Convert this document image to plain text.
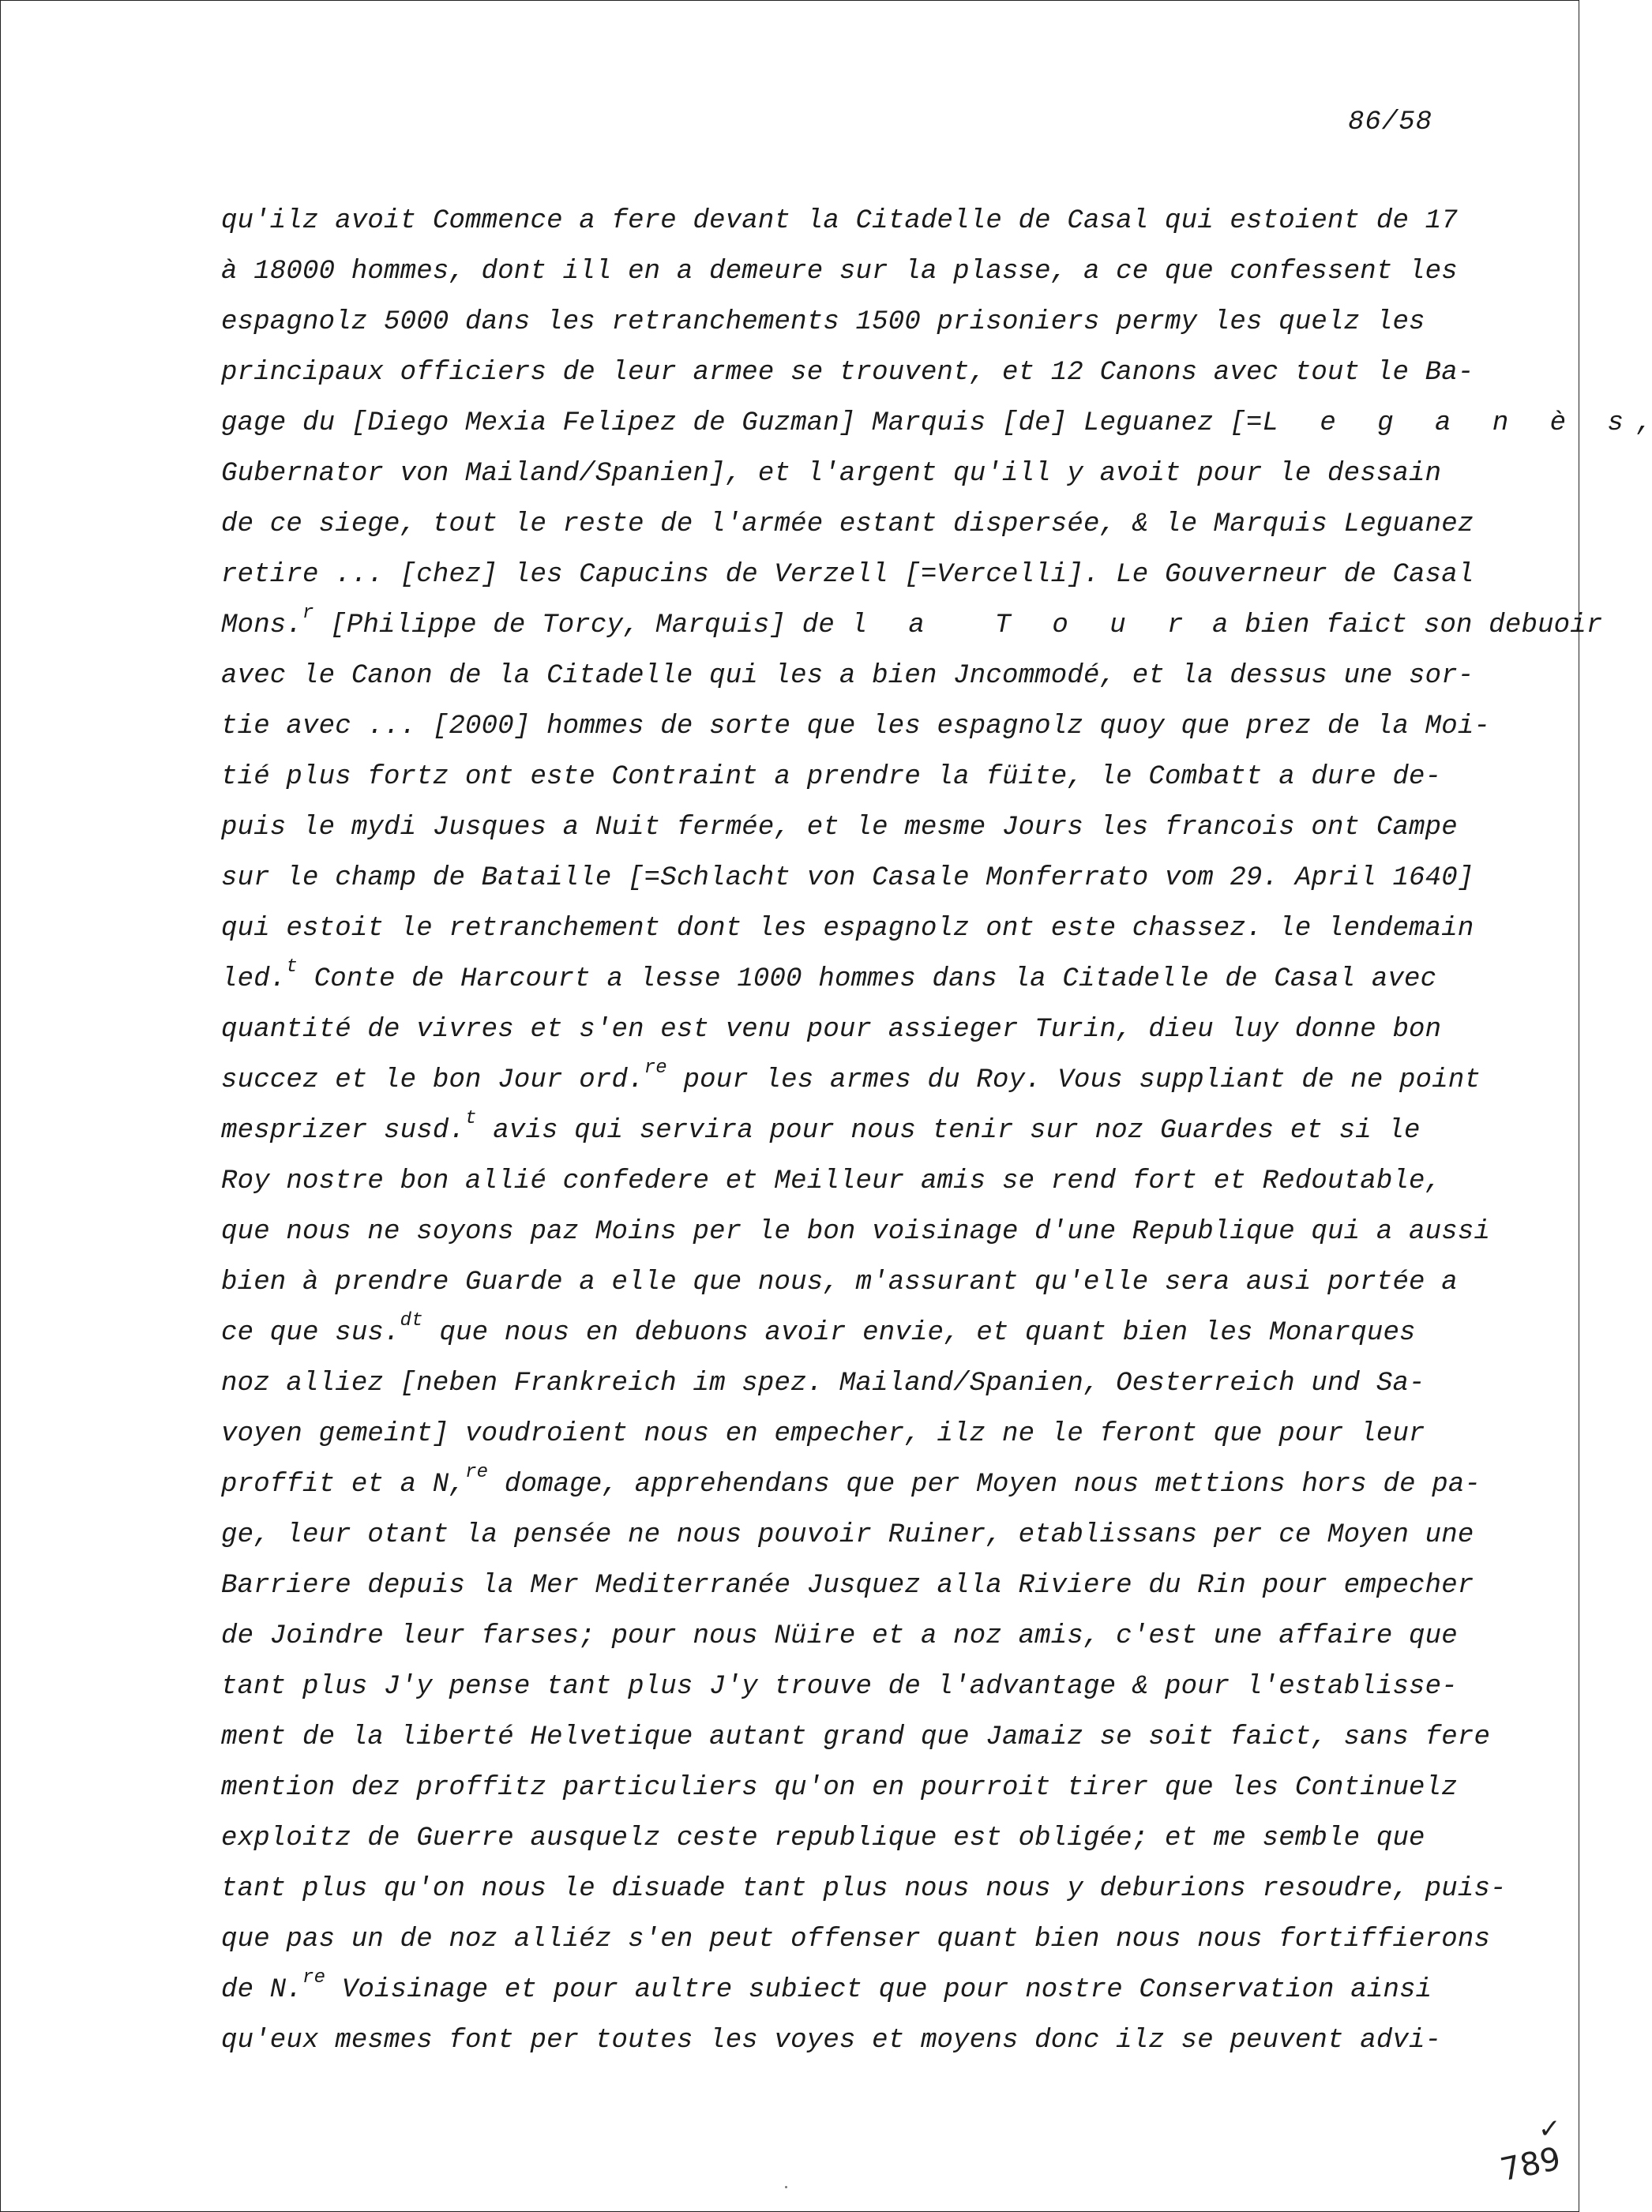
86/58
qu'ilz avoit Commence a fere devant la Citadelle de Casal qui estoient de 17
à 18000 hommes, dont ill en a demeure sur la plasse, a ce que confessent les
espagnolz 5000 dans les retranchements 1500 prisoniers permy les quelz les
principaux officiers de leur armee se trouvent, et 12 Canons avec tout le Ba-
gage du [Diego Mexia Felipez de Guzman] Marquis [de] Leguanez [=L e g a n è s,
Gubernator von Mailand/Spanien], et l'argent qu'ill y avoit pour le dessain
de ce siege, tout le reste de l'armée estant dispersée, & le Marquis Leguanez
retire ... [chez] les Capucins de Verzell [=Vercelli]. Le Gouverneur de Casal
Mons.$^r$ [Philippe de Torcy, Marquis] de l a  T o u r a bien faict son debuoir
avec le Canon de la Citadelle qui les a bien Jncommodé, et la dessus une sor-
tie avec ... [2000] hommes de sorte que les espagnolz quoy que prez de la Moi-
tié plus fortz ont este Contraint a prendre la füite, le Combatt a dure de-
puis le mydi Jusques a Nuit fermée, et le mesme Jours les francois ont Campe
sur le champ de Bataille [=Schlacht von Casale Monferrato vom 29. April 1640]
qui estoit le retranchement dont les espagnolz ont este chassez. le lendemain
led.$^t$ Conte de Harcourt a lesse 1000 hommes dans la Citadelle de Casal avec
quantité de vivres et s'en est venu pour assieger Turin, dieu luy donne bon
succez et le bon Jour ord.$^{re}$ pour les armes du Roy. Vous suppliant de ne point
mesprizer susd.$^t$ avis qui servira pour nous tenir sur noz Guardes et si le
Roy nostre bon allié confedere et Meilleur amis se rend fort et Redoutable,
que nous ne soyons paz Moins per le bon voisinage d'une Republique qui a aussi
bien à prendre Guarde a elle que nous, m'assurant qu'elle sera ausi portée a
ce que sus.$^{dt}$ que nous en debuons avoir envie, et quant bien les Monarques
noz alliez [neben Frankreich im spez. Mailand/Spanien, Oesterreich und Sa-
voyen gemeint] voudroient nous en empecher, ilz ne le feront que pour leur
proffit et a N,$^{re}$ domage, apprehendans que per Moyen nous mettions hors de pa-
ge, leur otant la pensée ne nous pouvoir Ruiner, etablissans per ce Moyen une
Barriere depuis la Mer Mediterranée Jusquez alla Riviere du Rin pour empecher
de Joindre leur farses; pour nous Nüire et a noz amis, c'est une affaire que
tant plus J'y pense tant plus J'y trouve de l'advantage & pour l'establisse-
ment de la liberté Helvetique autant grand que Jamaiz se soit faict, sans fere
mention dez proffitz particuliers qu'on en pourroit tirer que les Continuelz
exploitz de Guerre ausquelz ceste republique est obligée; et me semble que
tant plus qu'on nous le disuade tant plus nous nous y deburions resoudre, puis-
que pas un de noz alliéz s'en peut offenser quant bien nous nous fortiffierons
de N.$^{re}$ Voisinage et pour aultre subiect que pour nostre Conservation ainsi
qu'eux mesmes font per toutes les voyes et moyens donc ilz se peuvent advi-
✓
789
